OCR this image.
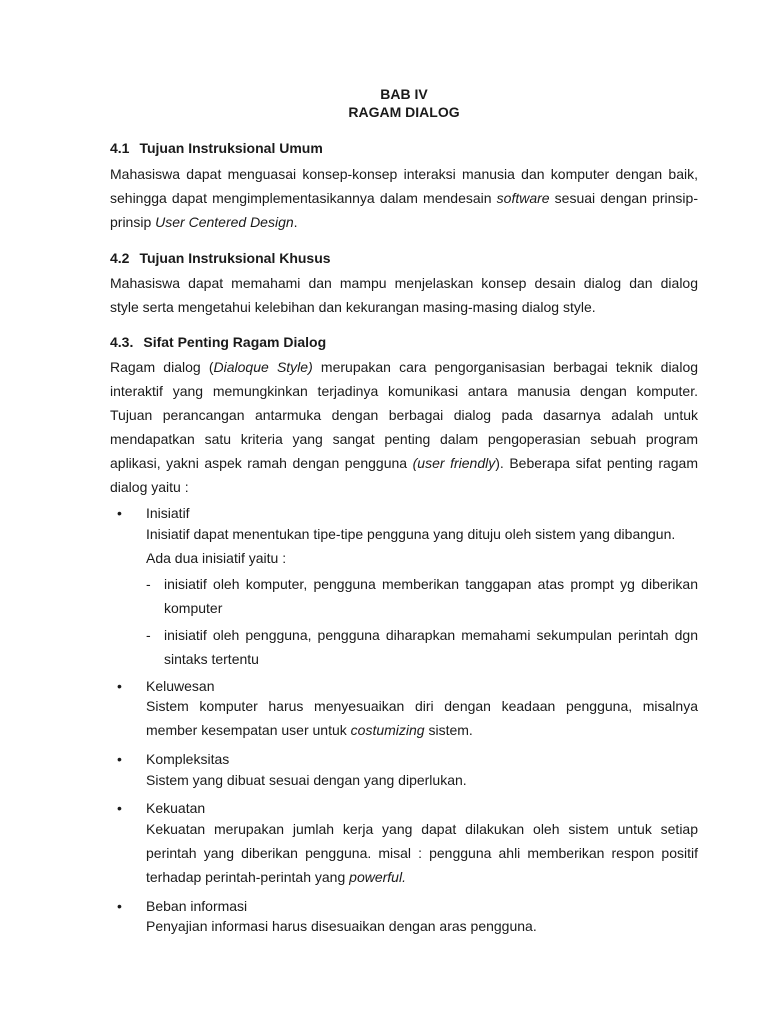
BAB IV
RAGAM DIALOG
4.1 Tujuan Instruksional Umum
Mahasiswa dapat menguasai konsep-konsep interaksi manusia dan komputer dengan baik,
sehingga dapat mengimplementasikannya dalam mendesain software sesuai dengan prinsip-
prinsip User Centered Design.
4.2 Tujuan Instruksional Khusus
Mahasiswa dapat memahami dan mampu menjelaskan konsep desain dialog dan dialog
style serta mengetahui kelebihan dan kekurangan masing-masing dialog style.
4.3. Sifat Penting Ragam Dialog
Ragam dialog (Dialoque Style) merupakan cara pengorganisasian berbagai teknik dialog
interaktif yang memungkinkan terjadinya komunikasi antara manusia dengan komputer.
Tujuan perancangan antarmuka dengan berbagai dialog pada dasarnya adalah untuk
mendapatkan satu kriteria yang sangat penting dalam pengoperasian sebuah program
aplikasi, yakni aspek ramah dengan pengguna (user friendly). Beberapa sifat penting ragam
dialog yaitu :
• Inisiatif
Inisiatif dapat menentukan tipe-tipe pengguna yang dituju oleh sistem yang dibangun.
Ada dua inisiatif yaitu :
- inisiatif oleh komputer, pengguna memberikan tanggapan atas prompt yg diberikan
komputer
- inisiatif oleh pengguna, pengguna diharapkan memahami sekumpulan perintah dgn
sintaks tertentu
• Keluwesan
Sistem komputer harus menyesuaikan diri dengan keadaan pengguna, misalnya
member kesempatan user untuk costumizing sistem.
• Kompleksitas
Sistem yang dibuat sesuai dengan yang diperlukan.
• Kekuatan
Kekuatan merupakan jumlah kerja yang dapat dilakukan oleh sistem untuk setiap
perintah yang diberikan pengguna. misal : pengguna ahli memberikan respon positif
terhadap perintah-perintah yang powerful.
• Beban informasi
Penyajian informasi harus disesuaikan dengan aras pengguna.
